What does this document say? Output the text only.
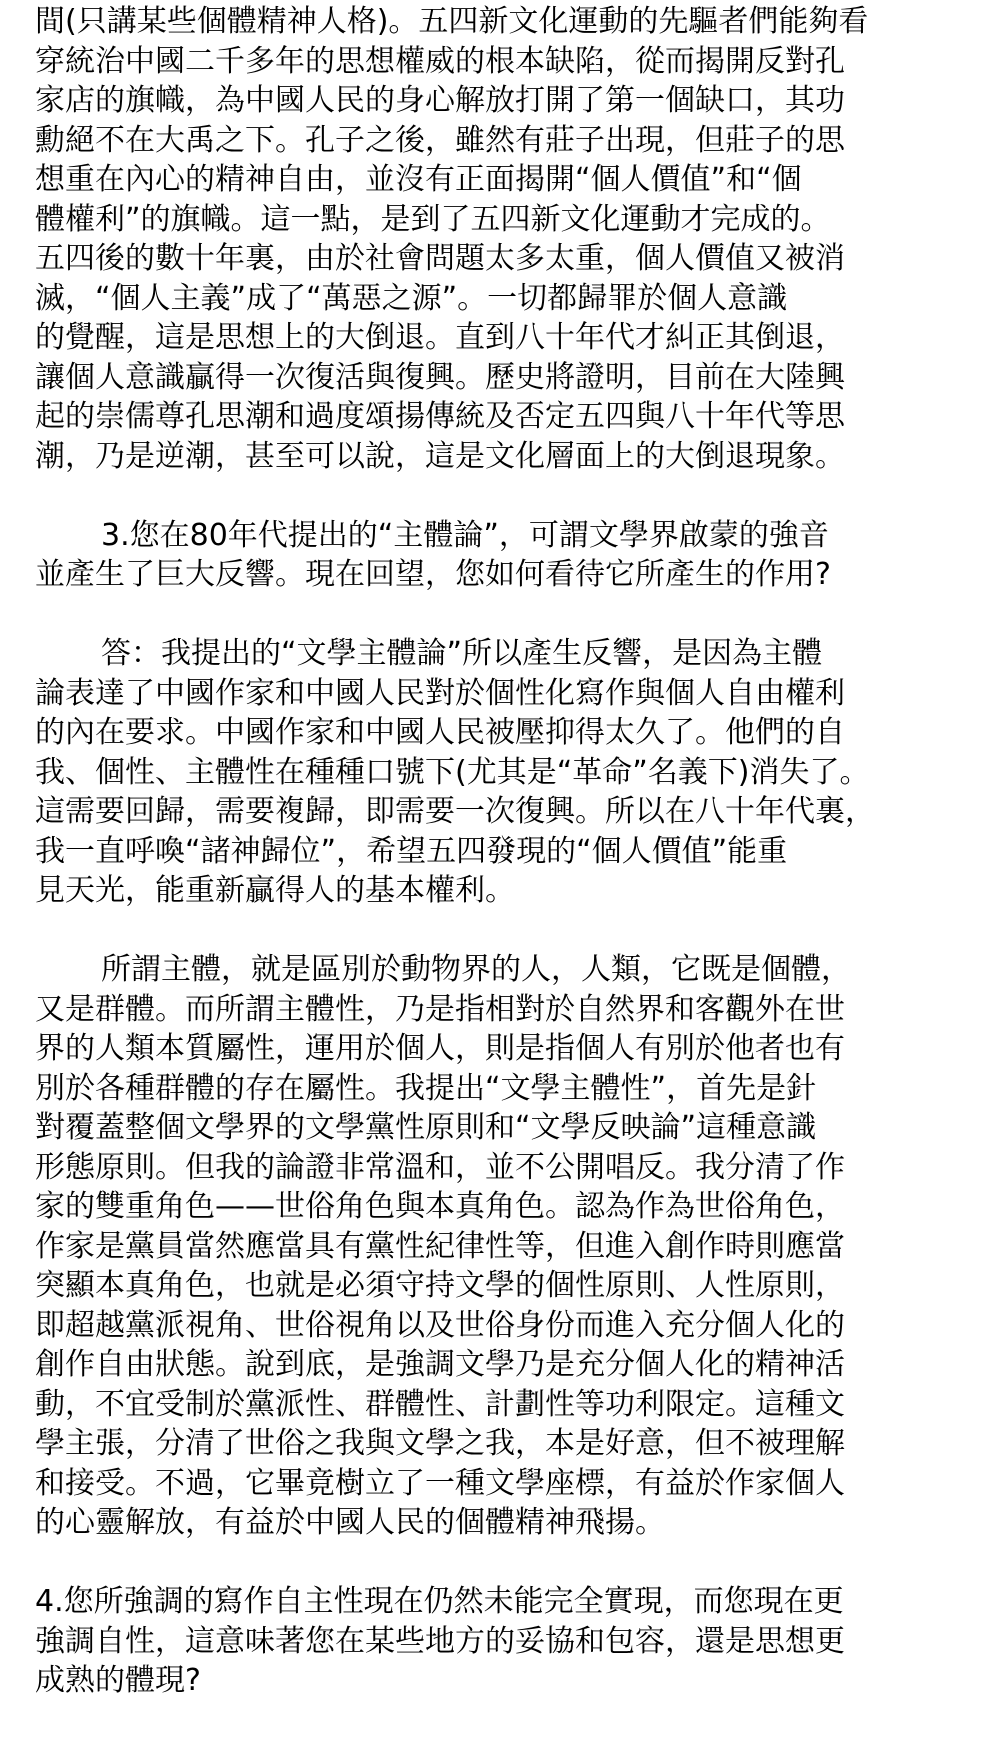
間(只講某些個體精神人格)。五四新文化運動的先驅者們能夠看
穿統治中國二千多年的思想權威的根本缺陷，從而揭開反對孔
家店的旗幟，為中國人民的身心解放打開了第一個缺口，其功
勳絕不在大禹之下。孔子之後，雖然有莊子出現，但莊子的思
想重在內心的精神自由，並沒有正面揭開“個人價值”和“個
體權利”的旗幟。這一點，是到了五四新文化運動才完成的。
五四後的數十年裏，由於社會問題太多太重，個人價值又被消
滅，“個人主義”成了“萬惡之源”。一切都歸罪於個人意識
的覺醒，這是思想上的大倒退。直到八十年代才糾正其倒退，
讓個人意識贏得一次復活與復興。歷史將證明，目前在大陸興
起的崇儒尊孔思潮和過度頌揚傳統及否定五四與八十年代等思
潮，乃是逆潮，甚至可以說，這是文化層面上的大倒退現象。
3.您在80年代提出的“主體論”，可謂文學界啟蒙的強音
並產生了巨大反響。現在回望，您如何看待它所產生的作用?
答：我提出的“文學主體論”所以產生反響，是因為主體
論表達了中國作家和中國人民對於個性化寫作與個人自由權利
的內在要求。中國作家和中國人民被壓抑得太久了。他們的自
我、個性、主體性在種種口號下(尤其是“革命”名義下)消失了。
這需要回歸，需要複歸，即需要一次復興。所以在八十年代裏，
我一直呼喚“諸神歸位”，希望五四發現的“個人價值”能重
見天光，能重新贏得人的基本權利。
所謂主體，就是區別於動物界的人，人類，它既是個體，
又是群體。而所謂主體性，乃是指相對於自然界和客觀外在世
界的人類本質屬性，運用於個人，則是指個人有別於他者也有
別於各種群體的存在屬性。我提出“文學主體性”，首先是針
對覆蓋整個文學界的文學黨性原則和“文學反映論”這種意識
形態原則。但我的論證非常溫和，並不公開唱反。我分清了作
家的雙重角色——世俗角色與本真角色。認為作為世俗角色，
作家是黨員當然應當具有黨性紀律性等，但進入創作時則應當
突顯本真角色，也就是必須守持文學的個性原則、人性原則，
即超越黨派視角、世俗視角以及世俗身份而進入充分個人化的
創作自由狀態。說到底，是強調文學乃是充分個人化的精神活
動，不宜受制於黨派性、群體性、計劃性等功利限定。這種文
學主張，分清了世俗之我與文學之我，本是好意，但不被理解
和接受。不過，它畢竟樹立了一種文學座標，有益於作家個人
的心靈解放，有益於中國人民的個體精神飛揚。
4.您所強調的寫作自主性現在仍然未能完全實現，而您現在更
強調自性，這意味著您在某些地方的妥協和包容，還是思想更
成熟的體現?
